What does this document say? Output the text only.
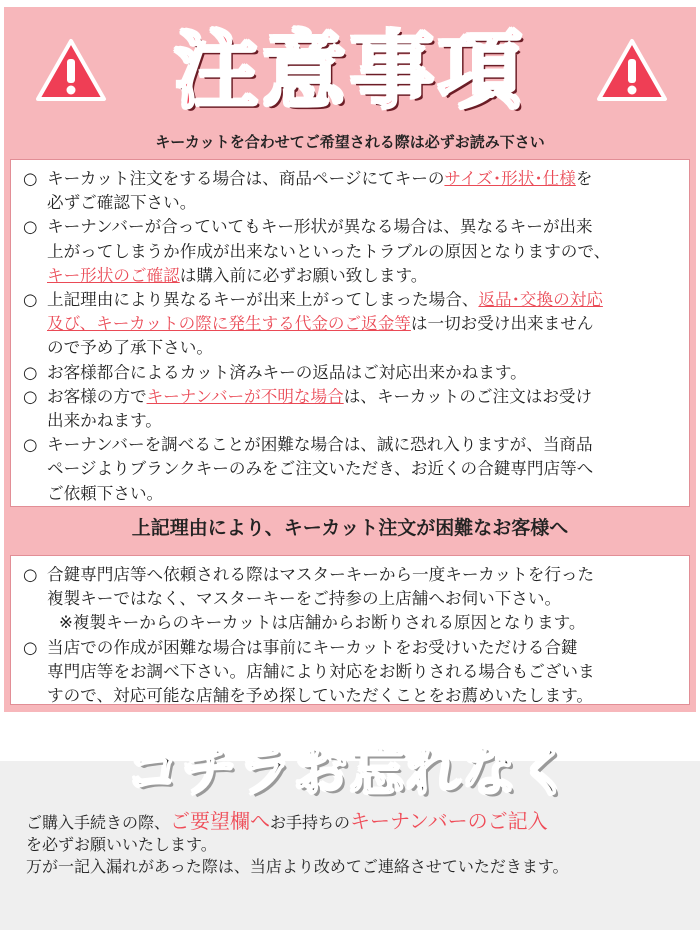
注意事項
キーカットを合わせてご希望される際は必ずお読み下さい
○ キーカット注文をする場合は、商品ページにてキーのサイズ･形状･仕様を
必ずご確認下さい。
○ キーナンバーが合っていてもキー形状が異なる場合は、異なるキーが出来
上がってしまうか作成が出来ないといったトラブルの原因となりますので、
キー形状のご確認は購入前に必ずお願い致します。
○ 上記理由により異なるキーが出来上がってしまった場合、返品･交換の対応
及び、キーカットの際に発生する代金のご返金等は一切お受け出来ません
ので予め了承下さい。
○ お客様都合によるカット済みキーの返品はご対応出来かねます。
○ お客様の方でキーナンバーが不明な場合は、キーカットのご注文はお受け
出来かねます。
○ キーナンバーを調べることが困難な場合は、誠に恐れ入りますが、当商品
ページよりブランクキーのみをご注文いただき、お近くの合鍵専門店等へ
ご依頼下さい。
上記理由により、キーカット注文が困難なお客様へ
○ 合鍵専門店等へ依頼される際はマスターキーから一度キーカットを行った
複製キーではなく、マスターキーをご持参の上店舗へお伺い下さい。
※複製キーからのキーカットは店舗からお断りされる原因となります。
○ 当店での作成が困難な場合は事前にキーカットをお受けいただける合鍵
専門店等をお調べ下さい。店舗により対応をお断りされる場合もございま
すので、対応可能な店舗を予め探していただくことをお薦めいたします。
コチラお忘れなく
ご購入手続きの際、ご要望欄へお手持ちのキーナンバーのご記入
を必ずお願いいたします。
万が一記入漏れがあった際は、当店より改めてご連絡させていただきます。
